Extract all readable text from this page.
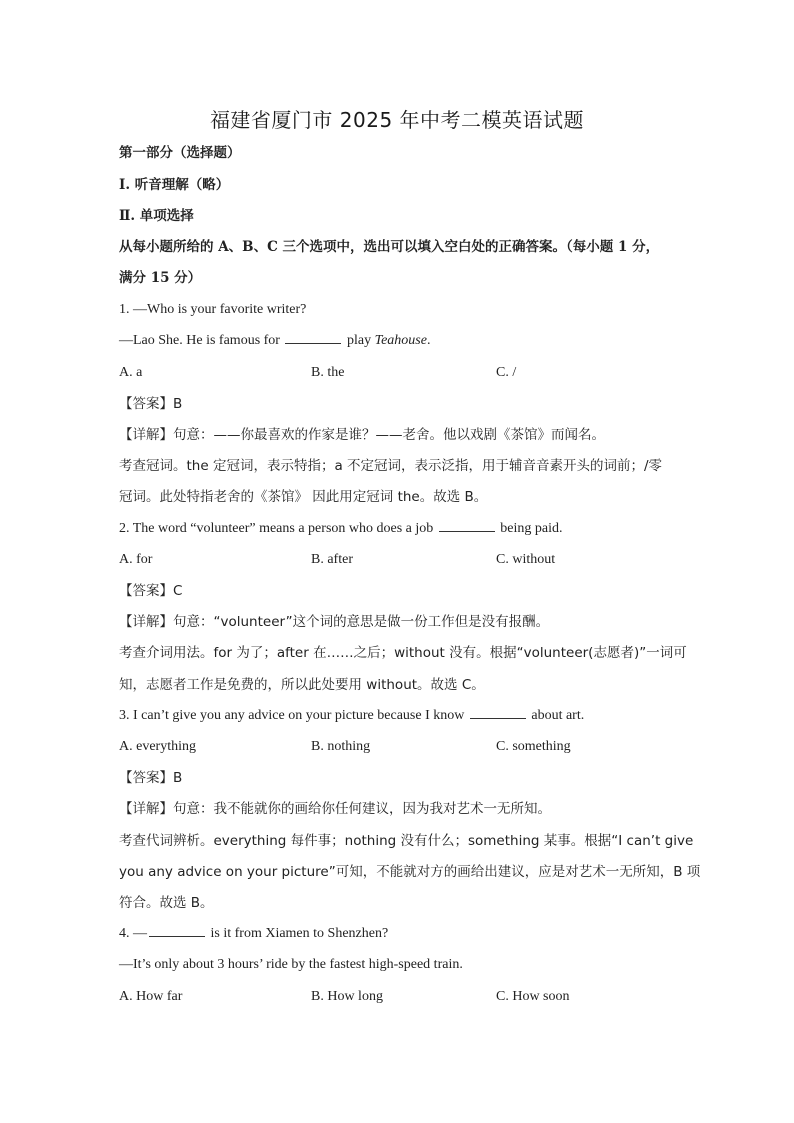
福建省厦门市 2025 年中考二模英语试题
第一部分（选择题）
Ⅰ. 听音理解（略）
Ⅱ. 单项选择
从每小题所给的 A、B、C 三个选项中，选出可以填入空白处的正确答案。（每小题 1 分，
满分 15 分）
1. —Who is your favorite writer?
—Lao She. He is famous for	play Teahouse.
A. a	B. the	C. /
【答案】B
【详解】句意：——你最喜欢的作家是谁？——老舍。他以戏剧《茶馆》而闻名。
考查冠词。the 定冠词，表示特指；a 不定冠词，表示泛指，用于辅音音素开头的词前；/零
冠词。此处特指老舍的《茶馆》 因此用定冠词 the。故选 B。
2. The word “volunteer” means a person who does a job	being paid.
A. for	B. after	C. without
【答案】C
【详解】句意：“volunteer”这个词的意思是做一份工作但是没有报酬。
考查介词用法。for 为了；after 在……之后；without 没有。根据“volunteer(志愿者)”一词可
知，志愿者工作是免费的，所以此处要用 without。故选 C。
3. I can’t give you any advice on your picture because I know	about art.
A. everything	B. nothing	C. something
【答案】B
【详解】句意：我不能就你的画给你任何建议，因为我对艺术一无所知。
考查代词辨析。everything 每件事；nothing 没有什么；something 某事。根据“I can’t give
you any advice on your picture”可知，不能就对方的画给出建议，应是对艺术一无所知，B 项
符合。故选 B。
4. —	is it from Xiamen to Shenzhen?
—It’s only about 3 hours’ ride by the fastest high-speed train.
A. How far	B. How long	C. How soon
